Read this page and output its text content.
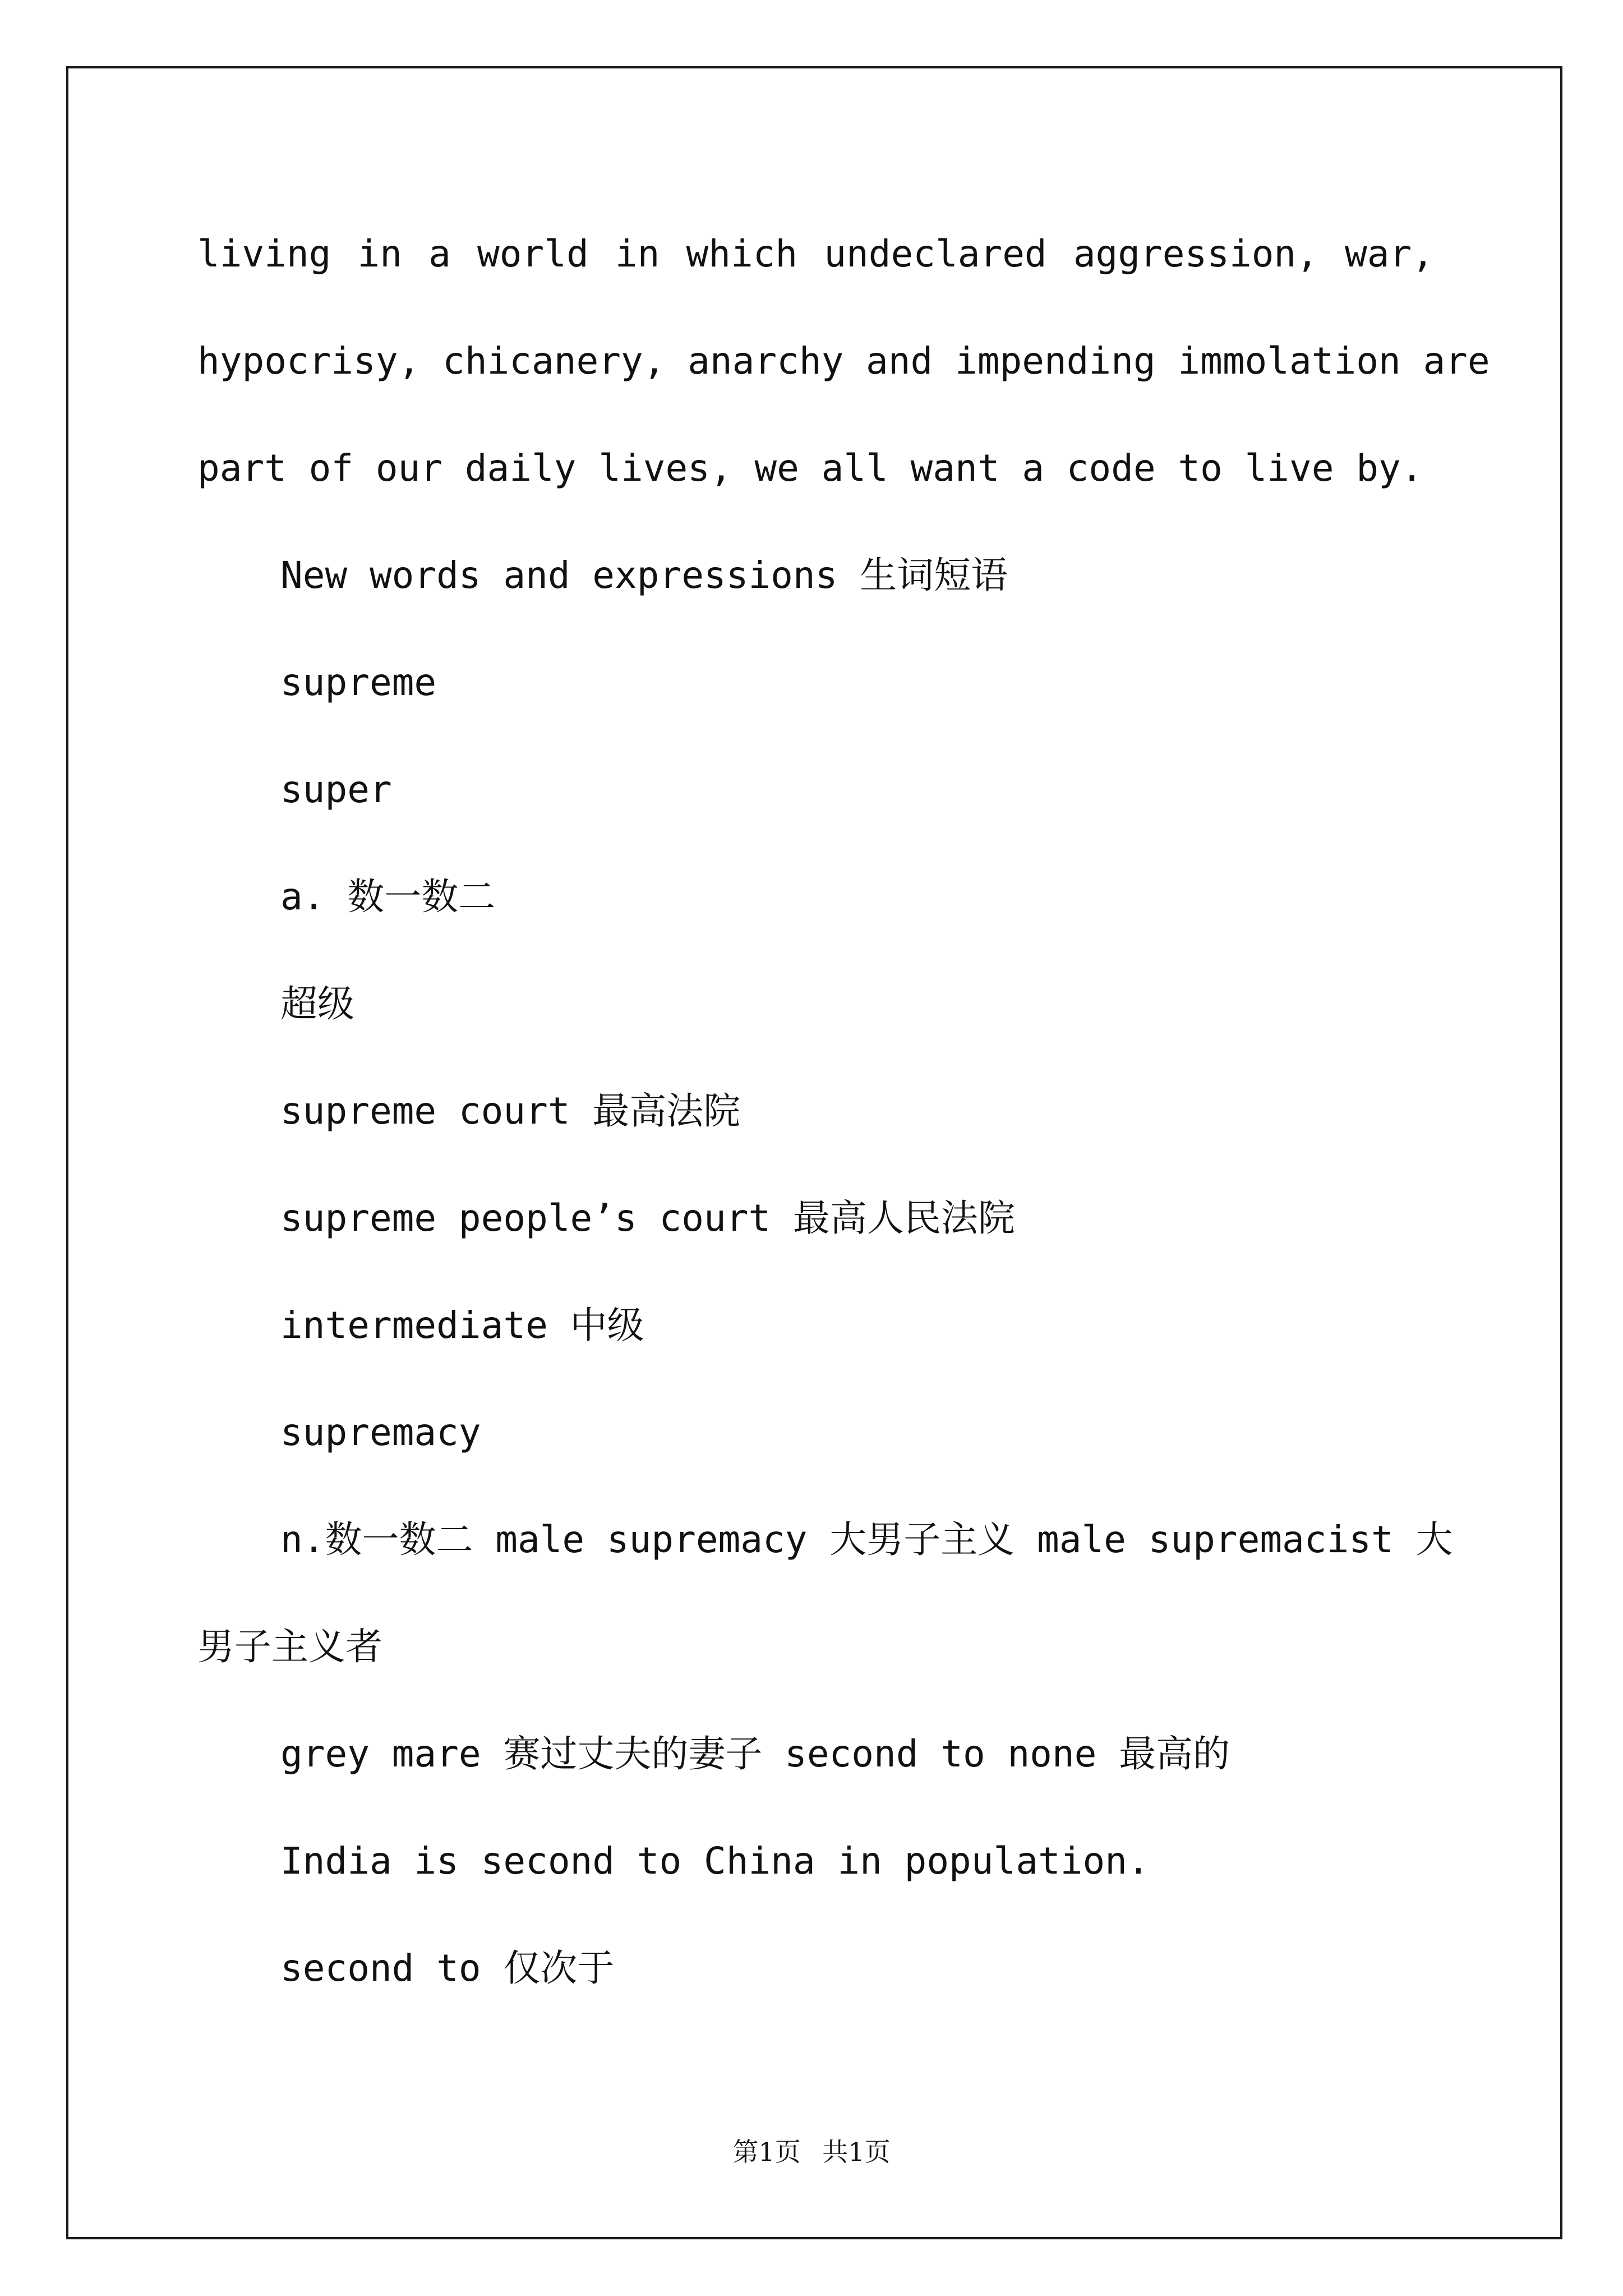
living in a world in which undeclared aggression, war,
hypocrisy, chicanery, anarchy and impending immolation are
part of our daily lives, we all want a code to live by.
New words and expressions 生词短语
supreme
super
a. 数一数二
超级
supreme court 最高法院
supreme people’s court 最高人民法院
intermediate 中级
supremacy
n.数一数二 male supremacy 大男子主义 male supremacist 大
男子主义者
grey mare 赛过丈夫的妻子 second to none 最高的
India is second to China in population.
second to 仅次于
第1页 共1页
